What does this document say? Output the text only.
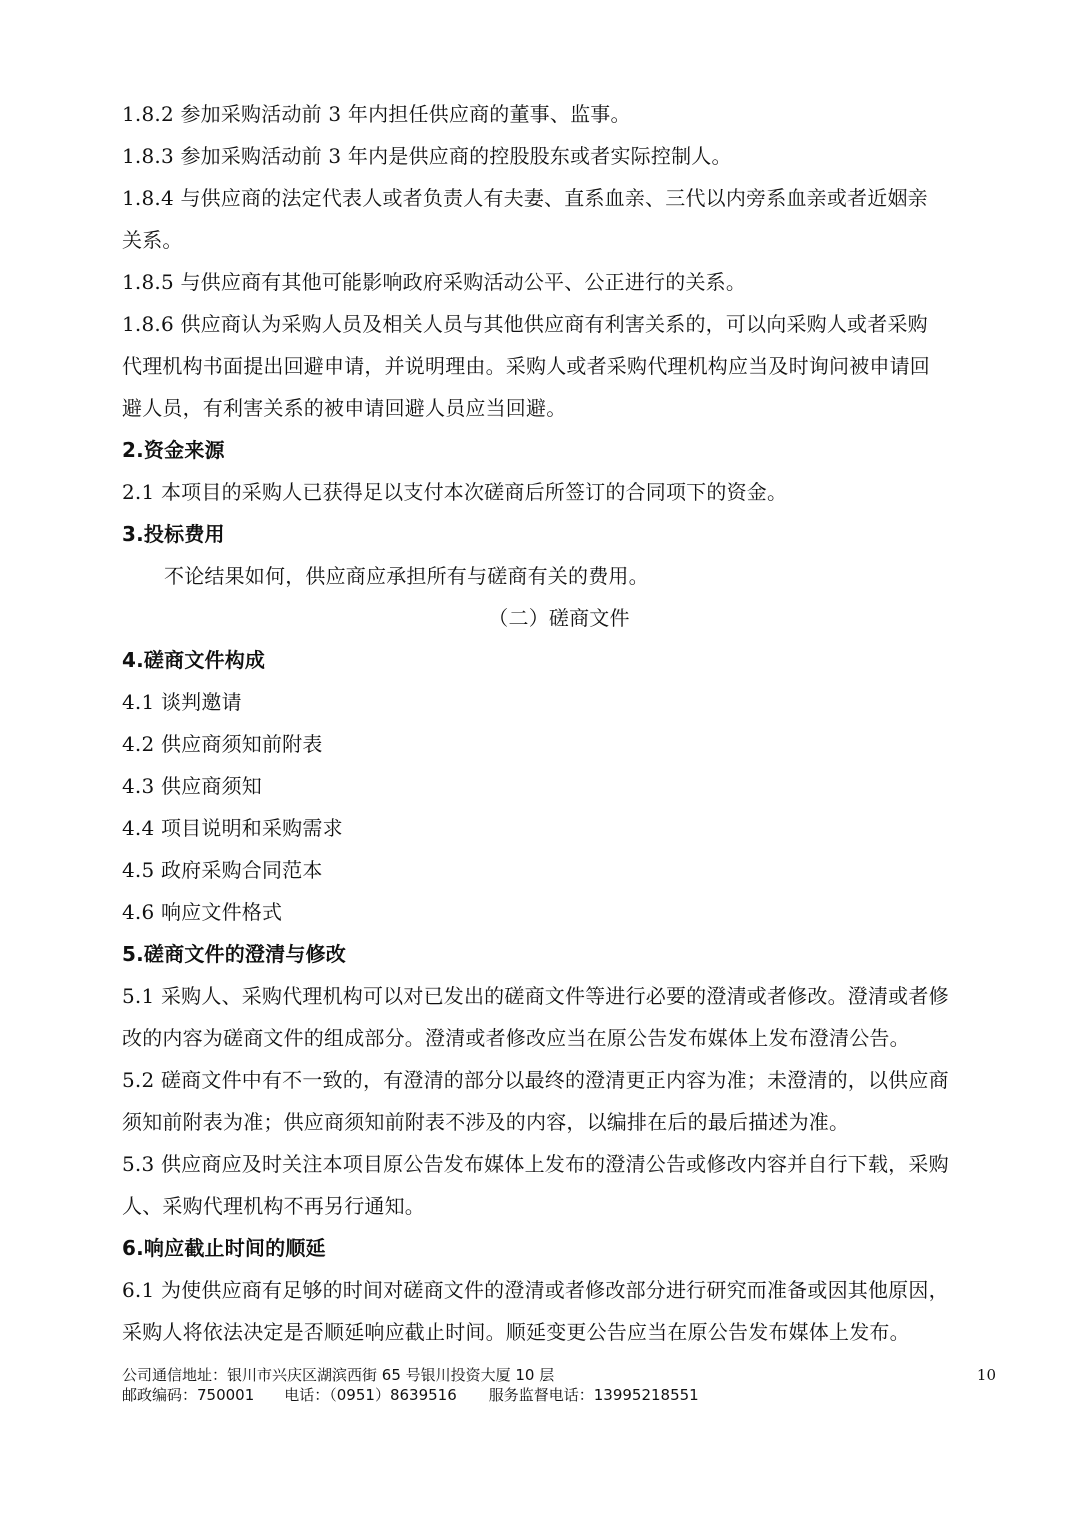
1.8.2 参加采购活动前 3 年内担任供应商的董事、监事。
1.8.3 参加采购活动前 3 年内是供应商的控股股东或者实际控制人。
1.8.4 与供应商的法定代表人或者负责人有夫妻、直系血亲、三代以内旁系血亲或者近姻亲
关系。
1.8.5 与供应商有其他可能影响政府采购活动公平、公正进行的关系。
1.8.6 供应商认为采购人员及相关人员与其他供应商有利害关系的，可以向采购人或者采购
代理机构书面提出回避申请，并说明理由。采购人或者采购代理机构应当及时询问被申请回
避人员，有利害关系的被申请回避人员应当回避。
2.资金来源
2.1 本项目的采购人已获得足以支付本次磋商后所签订的合同项下的资金。
3.投标费用
不论结果如何，供应商应承担所有与磋商有关的费用。
（二）磋商文件
4.磋商文件构成
4.1 谈判邀请
4.2 供应商须知前附表
4.3 供应商须知
4.4 项目说明和采购需求
4.5 政府采购合同范本
4.6 响应文件格式
5.磋商文件的澄清与修改
5.1 采购人、采购代理机构可以对已发出的磋商文件等进行必要的澄清或者修改。澄清或者修
改的内容为磋商文件的组成部分。澄清或者修改应当在原公告发布媒体上发布澄清公告。
5.2 磋商文件中有不一致的，有澄清的部分以最终的澄清更正内容为准；未澄清的，以供应商
须知前附表为准；供应商须知前附表不涉及的内容，以编排在后的最后描述为准。
5.3 供应商应及时关注本项目原公告发布媒体上发布的澄清公告或修改内容并自行下载，采购
人、采购代理机构不再另行通知。
6.响应截止时间的顺延
6.1 为使供应商有足够的时间对磋商文件的澄清或者修改部分进行研究而准备或因其他原因，
采购人将依法决定是否顺延响应截止时间。顺延变更公告应当在原公告发布媒体上发布。
公司通信地址：银川市兴庆区湖滨西街 65 号银川投资大厦 10 层
邮政编码：750001 电话：（0951）8639516 服务监督电话：13995218551
10
